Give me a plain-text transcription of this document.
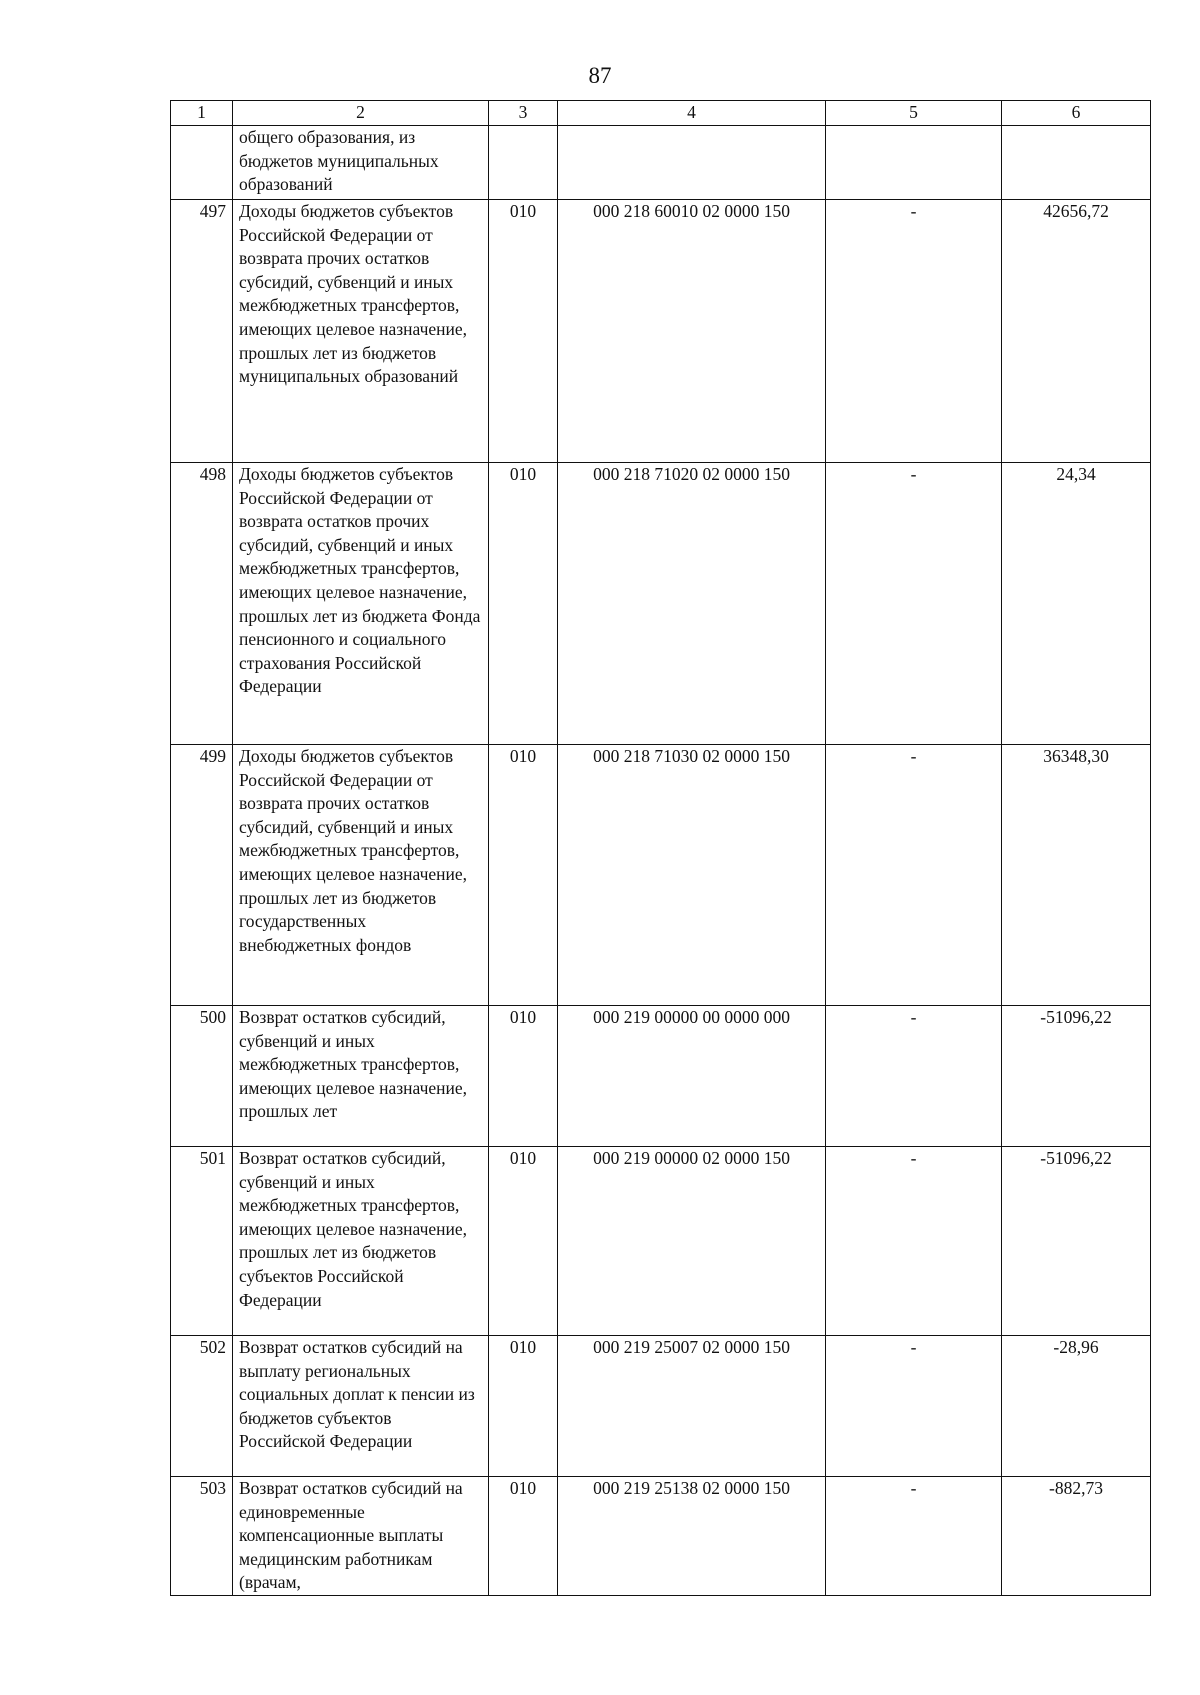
87
1	2	3	4	5	6
	общего образования, из бюджетов муниципальных образований				
497	Доходы бюджетов субъектов Российской Федерации от возврата прочих остатков субсидий, субвенций и иных межбюджетных трансфертов, имеющих целевое назначение, прошлых лет из бюджетов муниципальных образований	010	000 218 60010 02 0000 150	-	42656,72
498	Доходы бюджетов субъектов Российской Федерации от возврата остатков прочих субсидий, субвенций и иных межбюджетных трансфертов, имеющих целевое назначение, прошлых лет из бюджета Фонда пенсионного и социального страхования Российской Федерации	010	000 218 71020 02 0000 150	-	24,34
499	Доходы бюджетов субъектов Российской Федерации от возврата прочих остатков субсидий, субвенций и иных межбюджетных трансфертов, имеющих целевое назначение, прошлых лет из бюджетов государственных внебюджетных фондов	010	000 218 71030 02 0000 150	-	36348,30
500	Возврат остатков субсидий, субвенций и иных межбюджетных трансфертов, имеющих целевое назначение, прошлых лет	010	000 219 00000 00 0000 000	-	-51096,22
501	Возврат остатков субсидий, субвенций и иных межбюджетных трансфертов, имеющих целевое назначение, прошлых лет из бюджетов субъектов Российской Федерации	010	000 219 00000 02 0000 150	-	-51096,22
502	Возврат остатков субсидий на выплату региональных социальных доплат к пенсии из бюджетов субъектов Российской Федерации	010	000 219 25007 02 0000 150	-	-28,96
503	Возврат остатков субсидий на единовременные компенсационные выплаты медицинским работникам (врачам,	010	000 219 25138 02 0000 150	-	-882,73
